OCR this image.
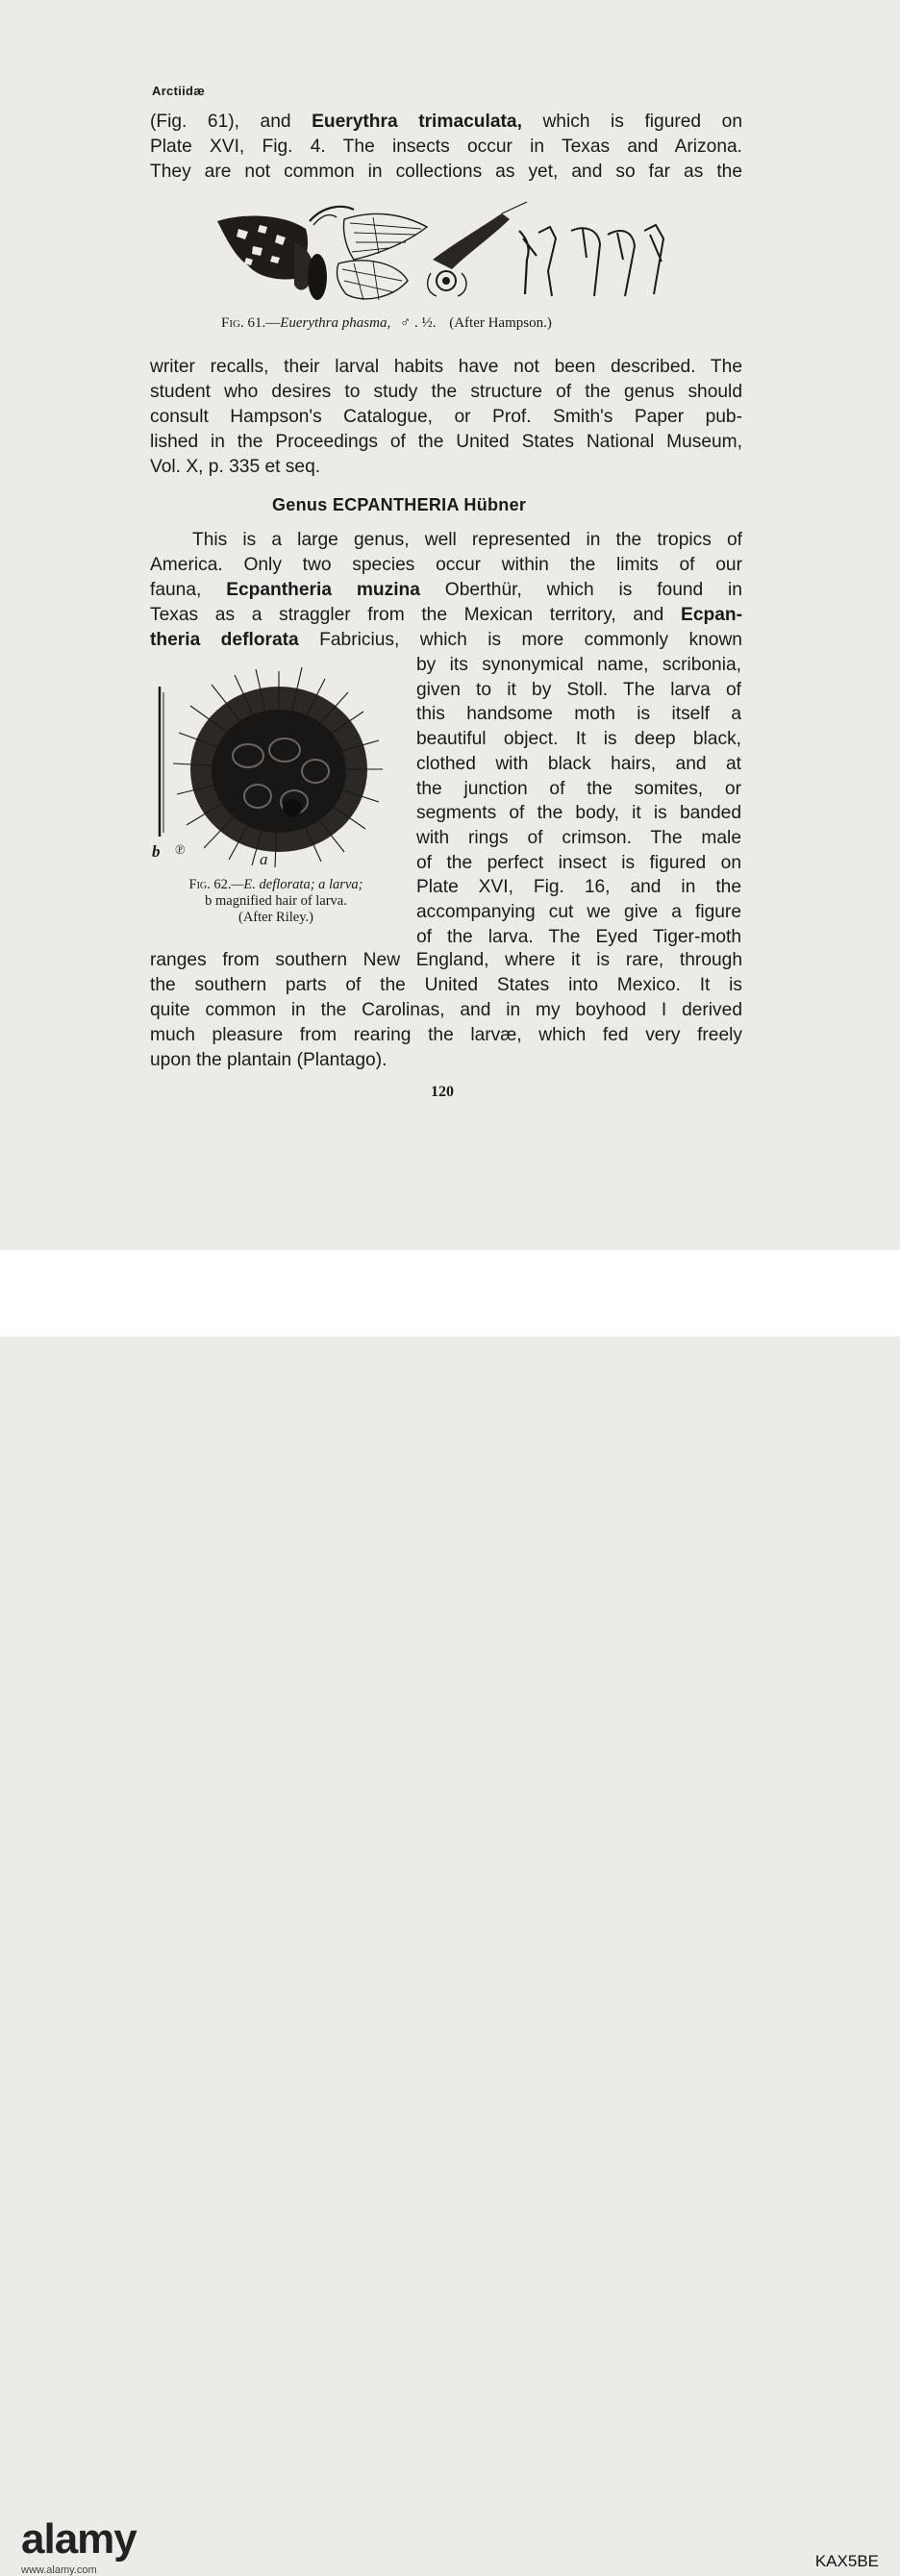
Arctiidæ
(Fig. 61), and Euerythra trimaculata, which is figured on
Plate XVI, Fig. 4. The insects occur in Texas and Arizona.
They are not common in collections as yet, and so far as the
Fig. 61.—Euerythra phasma, ♂ . ½. (After Hampson.)
writer recalls, their larval habits have not been described. The
student who desires to study the structure of the genus should
consult Hampson's Catalogue, or Prof. Smith's Paper pub-
lished in the Proceedings of the United States National Museum,
Vol. X, p. 335 et seq.
Genus ECPANTHERIA Hübner
This is a large genus, well represented in the tropics of
America. Only two species occur within the limits of our
fauna, Ecpantheria muzina Oberthür, which is found in
Texas as a straggler from the Mexican territory, and Ecpan-
theria deflorata Fabricius, which is more commonly known
℗
b	a
Fig. 62.—E. deflorata; a larva;
b magnified hair of larva.
(After Riley.)
by its synonymical name, scribonia,
given to it by Stoll. The larva of
this handsome moth is itself a
beautiful object. It is deep black,
clothed with black hairs, and at
the junction of the somites, or
segments of the body, it is banded
with rings of crimson. The male
of the perfect insect is figured on
Plate XVI, Fig. 16, and in the
accompanying cut we give a figure
of the larva. The Eyed Tiger-moth
ranges from southern New England, where it is rare, through
the southern parts of the United States into Mexico. It is
quite common in the Carolinas, and in my boyhood I derived
much pleasure from rearing the larvæ, which fed very freely
upon the plantain (Plantago).
120
alamy
www.alamy.com	KAX5BE
